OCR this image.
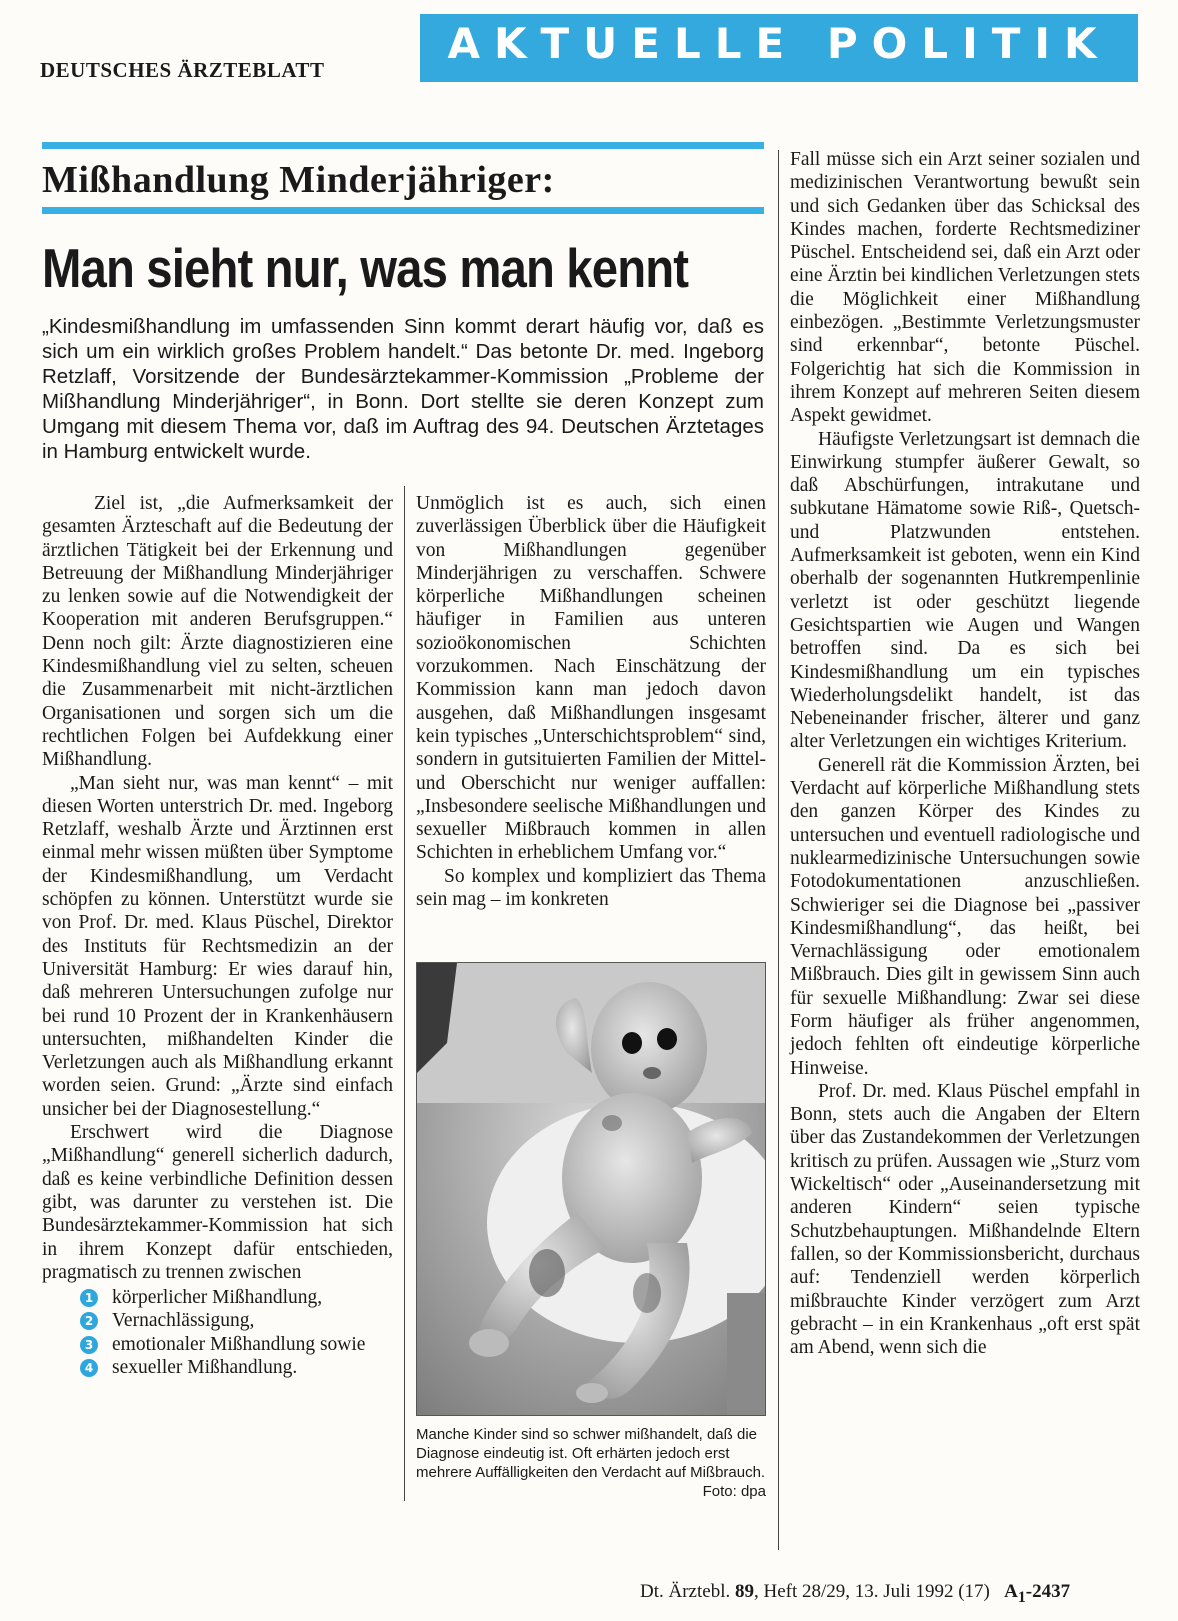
DEUTSCHES ÄRZTEBLATT
AKTUELLE POLITIK
Mißhandlung Minderjähriger:
Man sieht nur, was man kennt
„Kindesmißhandlung im umfassenden Sinn kommt derart häufig vor, daß es sich um ein wirklich großes Problem handelt.“ Das betonte Dr. med. Ingeborg Retzlaff, Vorsitzende der Bundesärztekammer-Kommission „Probleme der Mißhandlung Minderjähriger“, in Bonn. Dort stellte sie deren Konzept zum Umgang mit diesem Thema vor, daß im Auftrag des 94. Deutschen Ärztetages in Hamburg entwickelt wurde.

Ziel ist, „die Aufmerksamkeit der gesamten Ärzteschaft auf die Bedeutung der ärztlichen Tätigkeit bei der Erkennung und Betreuung der Mißhandlung Minderjähriger zu lenken sowie auf die Notwendigkeit der Kooperation mit anderen Berufsgruppen.“ Denn noch gilt: Ärzte diagnostizieren eine Kindesmißhandlung viel zu selten, scheuen die Zusammenarbeit mit nicht-ärztlichen Organisationen und sorgen sich um die rechtlichen Folgen bei Aufdekkung einer Mißhandlung.

„Man sieht nur, was man kennt“ – mit diesen Worten unterstrich Dr. med. Ingeborg Retzlaff, weshalb Ärzte und Ärztinnen erst einmal mehr wissen müßten über Symptome der Kindesmißhandlung, um Verdacht schöpfen zu können. Unterstützt wurde sie von Prof. Dr. med. Klaus Püschel, Direktor des Instituts für Rechtsmedizin an der Universität Hamburg: Er wies darauf hin, daß mehreren Untersuchungen zufolge nur bei rund 10 Prozent der in Krankenhäusern untersuchten, mißhandelten Kinder die Verletzungen auch als Mißhandlung erkannt worden seien. Grund: „Ärzte sind einfach unsicher bei der Diagnosestellung.“

Erschwert wird die Diagnose „Mißhandlung“ generell sicherlich dadurch, daß es keine verbindliche Definition dessen gibt, was darunter zu verstehen ist. Die Bundesärztekammer-Kommission hat sich in ihrem Konzept dafür entschieden, pragmatisch zu trennen zwischen

1 körperlicher Mißhandlung,
2 Vernachlässigung,
3 emotionaler Mißhandlung sowie
4 sexueller Mißhandlung.

Unmöglich ist es auch, sich einen zuverlässigen Überblick über die Häufigkeit von Mißhandlungen gegenüber Minderjährigen zu verschaffen. Schwere körperliche Mißhandlungen scheinen häufiger in Familien aus unteren sozioökonomischen Schichten vorzukommen. Nach Einschätzung der Kommission kann man jedoch davon ausgehen, daß Mißhandlungen insgesamt kein typisches „Unterschichtsproblem“ sind, sondern in gutsituierten Familien der Mittel- und Oberschicht nur weniger auffallen: „Insbesondere seelische Mißhandlungen und sexueller Mißbrauch kommen in allen Schichten in erheblichem Umfang vor.“

So komplex und kompliziert das Thema sein mag – im konkreten

Manche Kinder sind so schwer mißhandelt, daß die Diagnose eindeutig ist. Oft erhärten jedoch erst mehrere Auffälligkeiten den Verdacht auf Mißbrauch.
Foto: dpa

Fall müsse sich ein Arzt seiner sozialen und medizinischen Verantwortung bewußt sein und sich Gedanken über das Schicksal des Kindes machen, forderte Rechtsmediziner Püschel. Entscheidend sei, daß ein Arzt oder eine Ärztin bei kindlichen Verletzungen stets die Möglichkeit einer Mißhandlung einbezögen. „Bestimmte Verletzungsmuster sind erkennbar“, betonte Püschel. Folgerichtig hat sich die Kommission in ihrem Konzept auf mehreren Seiten diesem Aspekt gewidmet.

Häufigste Verletzungsart ist demnach die Einwirkung stumpfer äußerer Gewalt, so daß Abschürfungen, intrakutane und subkutane Hämatome sowie Riß-, Quetsch- und Platzwunden entstehen. Aufmerksamkeit ist geboten, wenn ein Kind oberhalb der sogenannten Hutkrempenlinie verletzt ist oder geschützt liegende Gesichtspartien wie Augen und Wangen betroffen sind. Da es sich bei Kindesmißhandlung um ein typisches Wiederholungsdelikt handelt, ist das Nebeneinander frischer, älterer und ganz alter Verletzungen ein wichtiges Kriterium.

Generell rät die Kommission Ärzten, bei Verdacht auf körperliche Mißhandlung stets den ganzen Körper des Kindes zu untersuchen und eventuell radiologische und nuklearmedizinische Untersuchungen sowie Fotodokumentationen anzuschließen. Schwieriger sei die Diagnose bei „passiver Kindesmißhandlung“, das heißt, bei Vernachlässigung oder emotionalem Mißbrauch. Dies gilt in gewissem Sinn auch für sexuelle Mißhandlung: Zwar sei diese Form häufiger als früher angenommen, jedoch fehlten oft eindeutige körperliche Hinweise.

Prof. Dr. med. Klaus Püschel empfahl in Bonn, stets auch die Angaben der Eltern über das Zustandekommen der Verletzungen kritisch zu prüfen. Aussagen wie „Sturz vom Wickeltisch“ oder „Auseinandersetzung mit anderen Kindern“ seien typische Schutzbehauptungen. Mißhandelnde Eltern fallen, so der Kommissionsbericht, durchaus auf: Tendenziell werden körperlich mißbrauchte Kinder verzögert zum Arzt gebracht – in ein Krankenhaus „oft erst spät am Abend, wenn sich die

Dt. Ärztebl. 89, Heft 28/29, 13. Juli 1992 (17) $A_1-2437$
